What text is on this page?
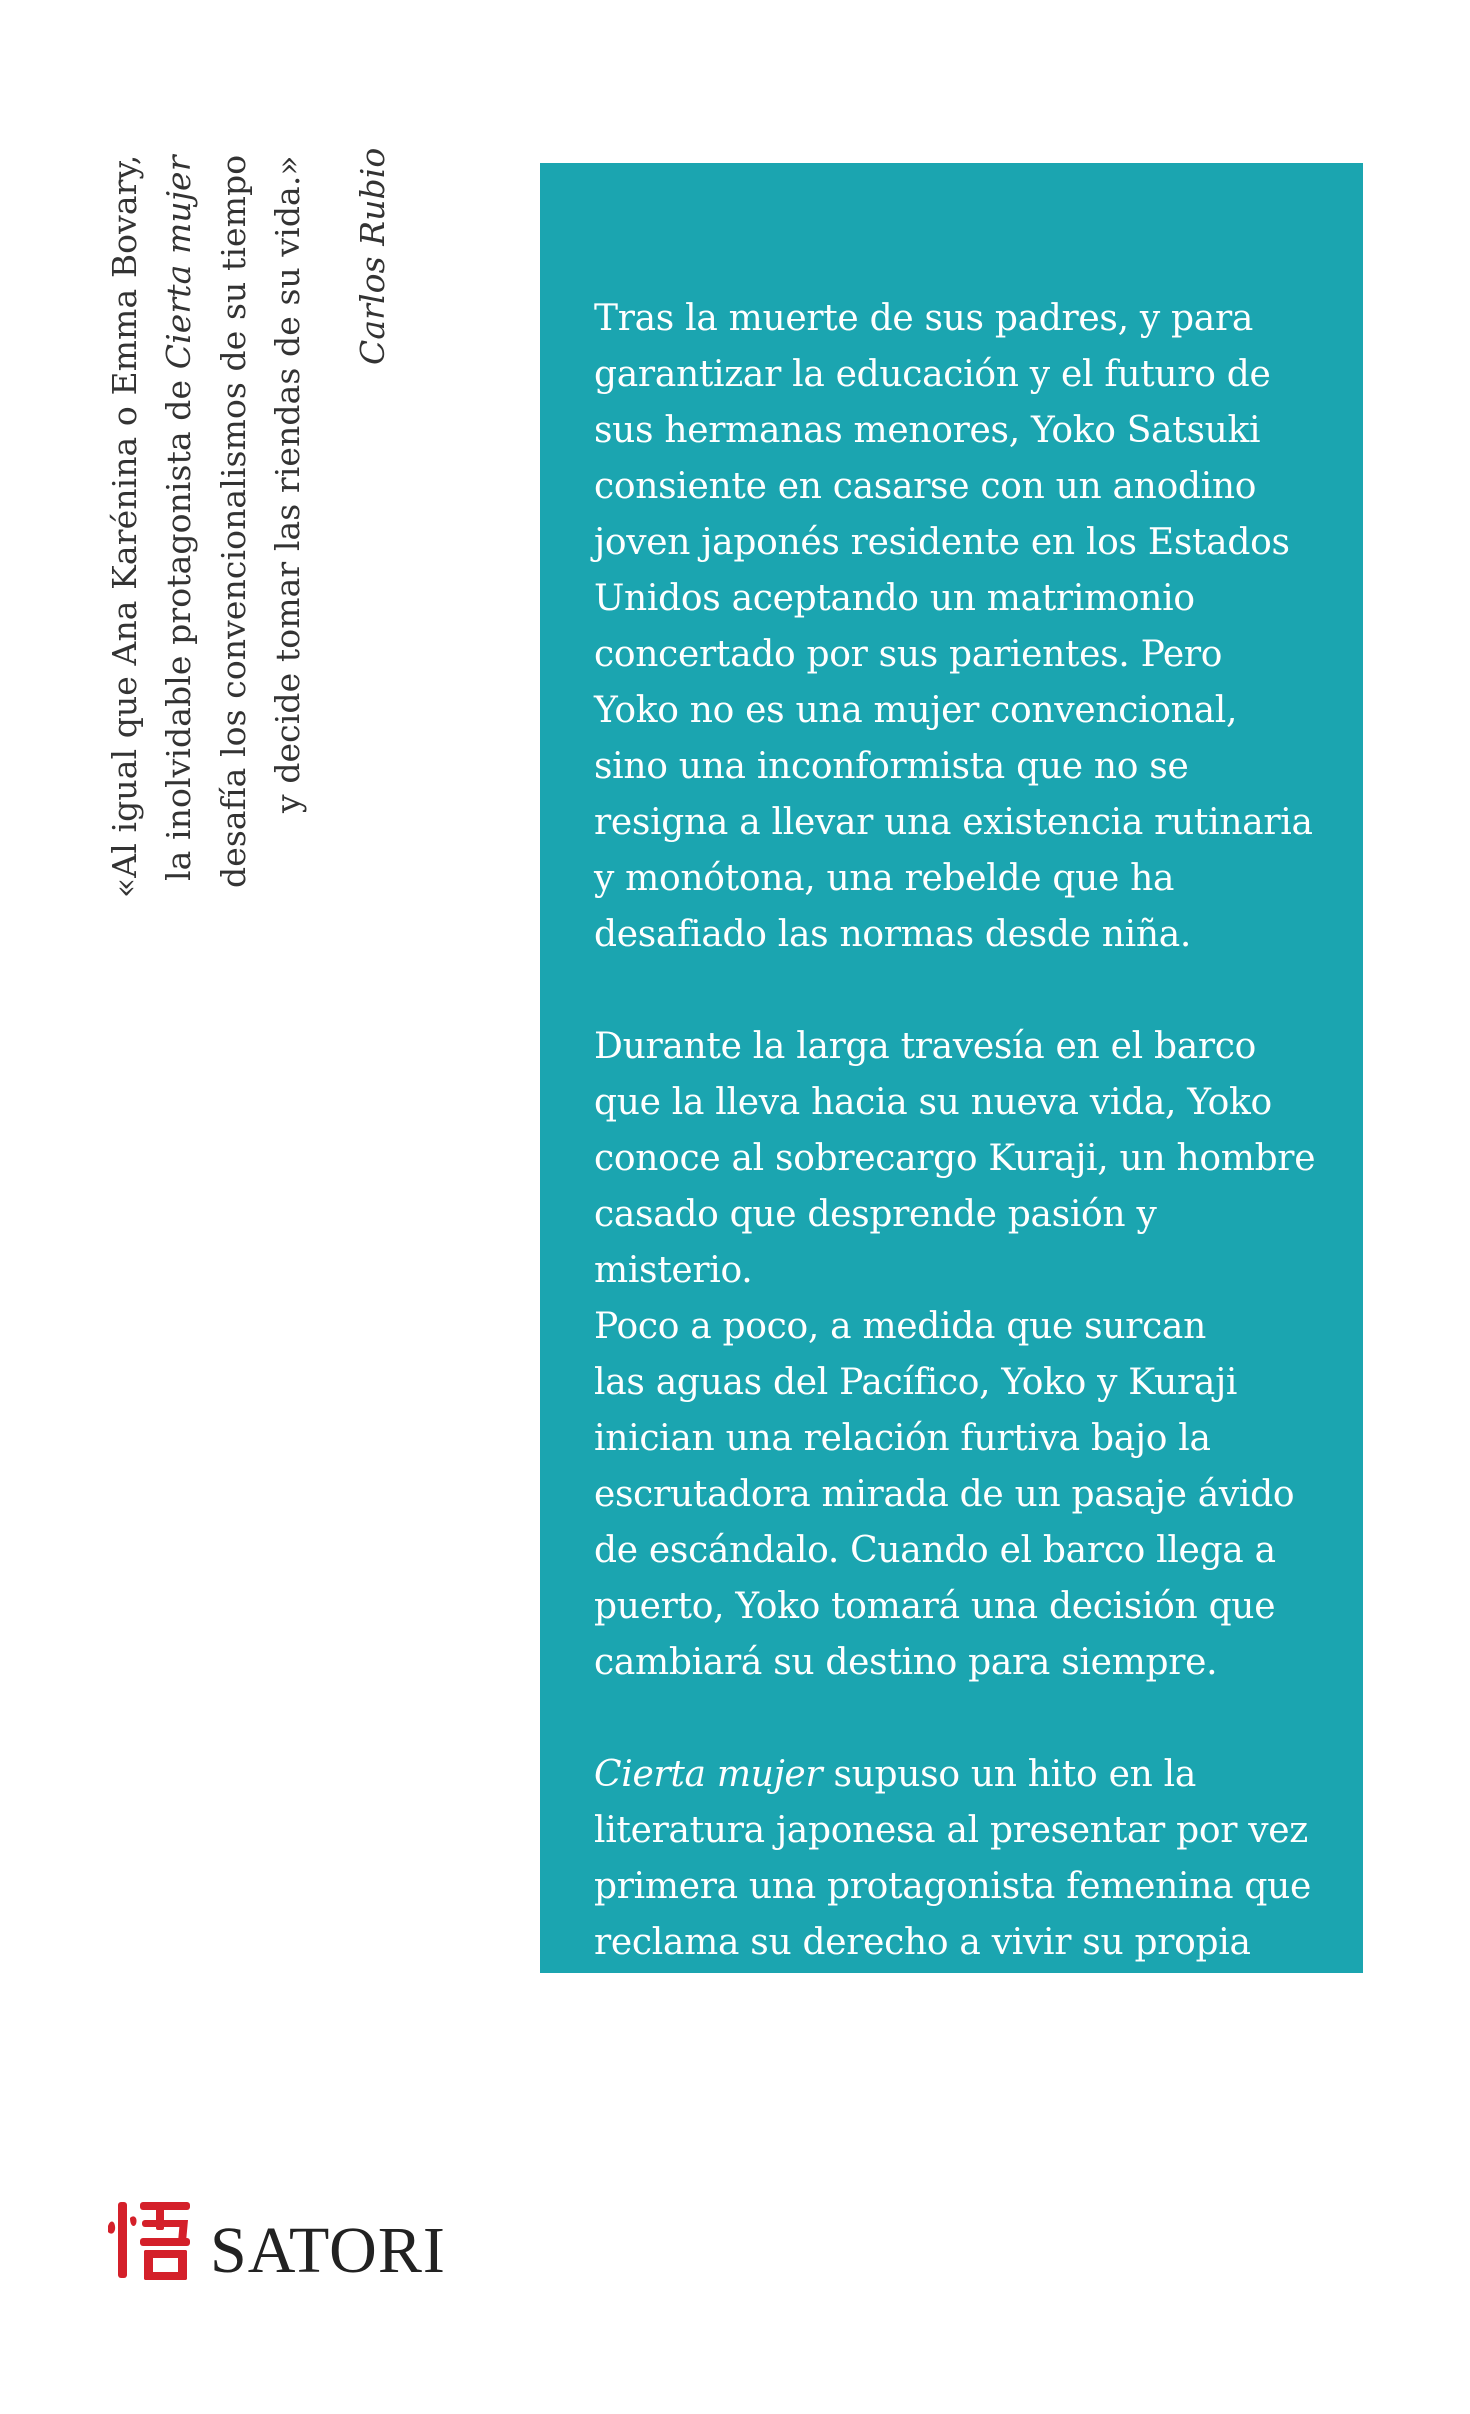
«Al igual que Ana Karénina o Emma Bovary, la inolvidable protagonista de Cierta mujer desafía los convencionalismos de su tiempo y decide tomar las riendas de su vida.» Carlos Rubio	Tras la muerte de sus padres, y para
garantizar la educación y el futuro de
sus hermanas menores, Yoko Satsuki
consiente en casarse con un anodino
joven japonés residente en los Estados
Unidos aceptando un matrimonio
concertado por sus parientes. Pero
Yoko no es una mujer convencional,
sino una inconformista que no se
resigna a llevar una existencia rutinaria
y monótona, una rebelde que ha
desafiado las normas desde niña.

Durante la larga travesía en el barco
que la lleva hacia su nueva vida, Yoko
conoce al sobrecargo Kuraji, un hombre
casado que desprende pasión y misterio.
Poco a poco, a medida que surcan
las aguas del Pacífico, Yoko y Kuraji
inician una relación furtiva bajo la
escrutadora mirada de un pasaje ávido
de escándalo. Cuando el barco llega a
puerto, Yoko tomará una decisión que
cambiará su destino para siempre.

Cierta mujer supuso un hito en la
literatura japonesa al presentar por vez
primera una protagonista femenina que
reclama su derecho a vivir su propia vida.

SATORI
